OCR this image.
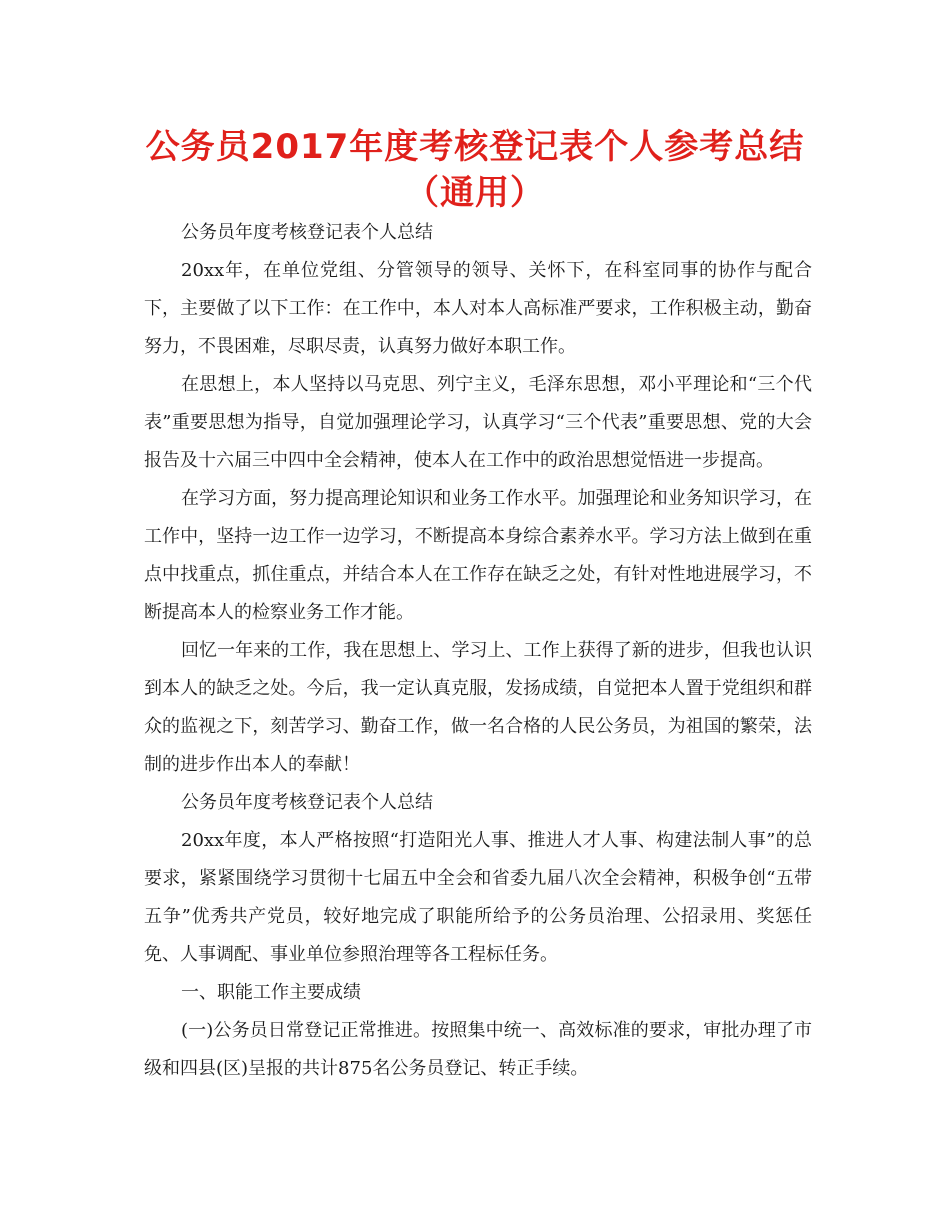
公务员2017年度考核登记表个人参考总结（通用）

公务员年度考核登记表个人总结

20xx年，在单位党组、分管领导的领导、关怀下，在科室同事的协作与配合下，主要做了以下工作：在工作中，本人对本人高标准严要求，工作积极主动，勤奋努力，不畏困难，尽职尽责，认真努力做好本职工作。

在思想上，本人坚持以马克思、列宁主义，毛泽东思想，邓小平理论和“三个代表”重要思想为指导，自觉加强理论学习，认真学习“三个代表”重要思想、党的大会报告及十六届三中四中全会精神，使本人在工作中的政治思想觉悟进一步提高。

在学习方面，努力提高理论知识和业务工作水平。加强理论和业务知识学习，在工作中，坚持一边工作一边学习，不断提高本身综合素养水平。学习方法上做到在重点中找重点，抓住重点，并结合本人在工作存在缺乏之处，有针对性地进展学习，不断提高本人的检察业务工作才能。

回忆一年来的工作，我在思想上、学习上、工作上获得了新的进步，但我也认识到本人的缺乏之处。今后，我一定认真克服，发扬成绩，自觉把本人置于党组织和群众的监视之下，刻苦学习、勤奋工作，做一名合格的人民公务员，为祖国的繁荣，法制的进步作出本人的奉献！

公务员年度考核登记表个人总结

20xx年度，本人严格按照“打造阳光人事、推进人才人事、构建法制人事”的总要求，紧紧围绕学习贯彻十七届五中全会和省委九届八次全会精神，积极争创“五带五争”优秀共产党员，较好地完成了职能所给予的公务员治理、公招录用、奖惩任免、人事调配、事业单位参照治理等各工程标任务。

一、职能工作主要成绩

(一)公务员日常登记正常推进。按照集中统一、高效标准的要求，审批办理了市级和四县(区)呈报的共计875名公务员登记、转正手续。
